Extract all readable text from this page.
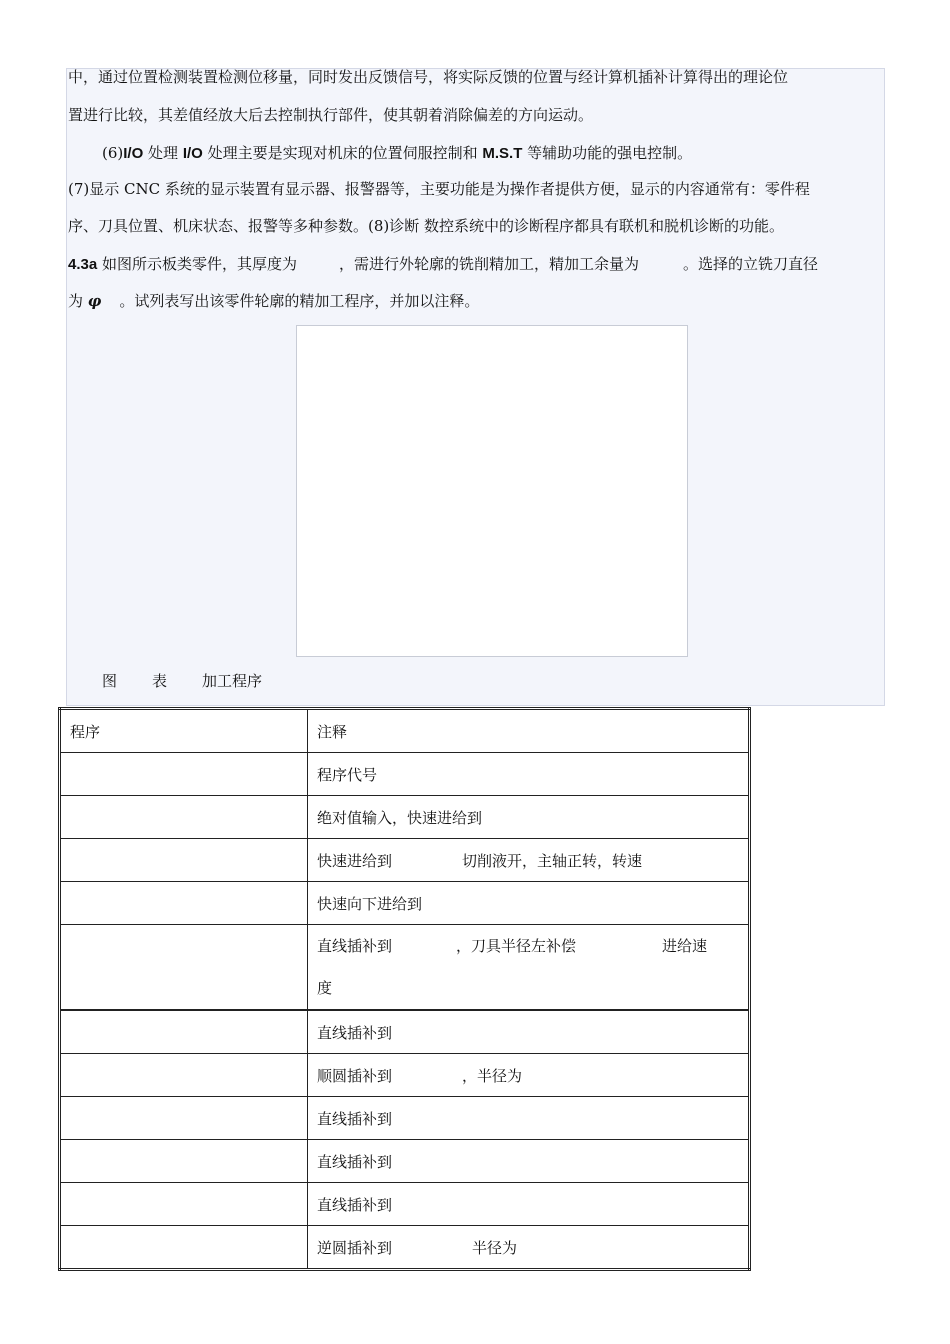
中，通过位置检测装置检测位移量，同时发出反馈信号，将实际反馈的位置与经计算机插补计算得出的理论位
置进行比较，其差值经放大后去控制执行部件，使其朝着消除偏差的方向运动。
(6)I/O 处理 I/O 处理主要是实现对机床的位置伺服控制和 M.S.T 等辅助功能的强电控制。
(7)显示 CNC 系统的显示装置有显示器、报警器等，主要功能是为操作者提供方便，显示的内容通常有：零件程
序、刀具位置、机床状态、报警等多种参数。(8)诊断 数控系统中的诊断程序都具有联机和脱机诊断的功能。
4.3a 如图所示板类零件，其厚度为	，需进行外轮廓的铣削精加工，精加工余量为	。选择的立铣刀直径
为 φ 。试列表写出该零件轮廓的精加工程序，并加以注释。
图 表 加工程序
程序	注释
	程序代号
	绝对值输入，快速进给到
	快速进给到 切削液开，主轴正转，转速
	快速向下进给到
	直线插补到 ，刀具半径左补偿 进给速
度
	直线插补到
	顺圆插补到 ，半径为
	直线插补到
	直线插补到
	直线插补到
	逆圆插补到 半径为
